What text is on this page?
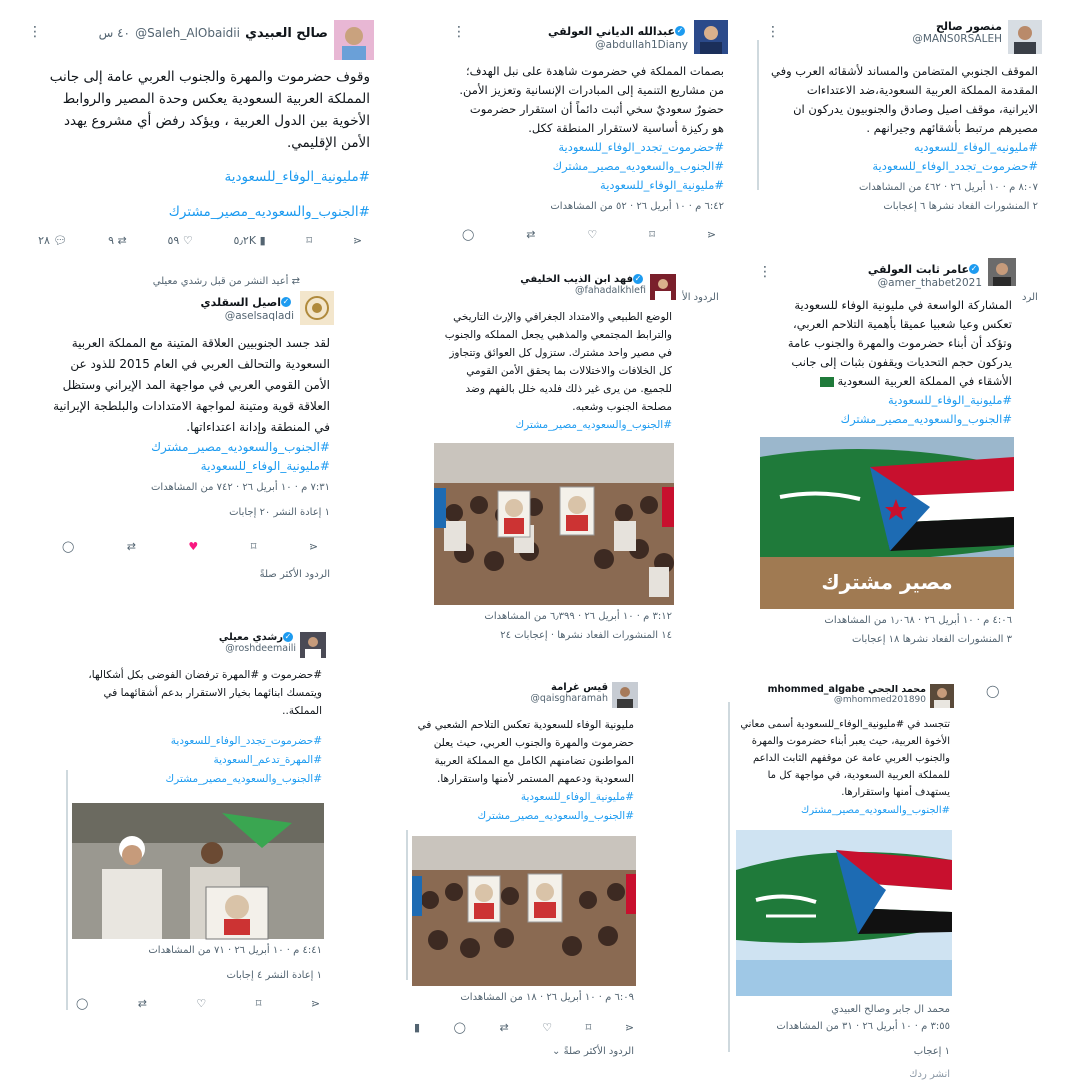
صالح العبيدي @Saleh_AlObaidii ٤٠ س
⋮
وقوف حضرموت والمهرة والجنوب العربي عامة إلى جانب المملكة العربية السعودية يعكس وحدة المصير والروابط الأخوية بين الدول العربية ، ويؤكد رفض أي مشروع يهدد الأمن الإقليمي.
#مليونية_الوفاء_للسعودية
#الجنوب_والسعوديه_مصير_مشترك
💬︎ ٢٨	⇄ ٩	♡ ٥٩	▮ ٥٫٢K	⌑	⋖
✓عبدالله الدياني العولقي
@abdullah1Diany
⋮
بصمات المملكة في حضرموت شاهدة على نبل الهدف؛ من مشاريع التنمية إلى المبادرات الإنسانية وتعزيز الأمن. حضورٌ سعوديٌ سخي أثبت دائماً أن استقرار حضرموت هو ركيزة أساسية لاستقرار المنطقة ككل.
#حضرموت_تجدد_الوفاء_للسعودية
#الجنوب_والسعوديه_مصير_مشترك
#مليونية_الوفاء_للسعودية
٦:٤٢ م · ١٠ أبريل ٢٦ · ٥٢ من المشاهدات
◯	⇄	♡	⌑	⋖
منصور صالح
@MANS0RSALEH
⋮
الموقف الجنوبي المتضامن والمساند لأشقائه العرب وفي المقدمة المملكة العربية السعودية،ضد الاعتداءات الايرانية، موقف اصيل وصادق والجنوبيون يدركون ان مصيرهم مرتبط بأشقائهم وجيرانهم .
#مليونيه_الوفاء_للسعوديه
#حضرموت_تجدد_الوفاء_للسعودية
٨:٠٧ م · ١٠ أبريل ٢٦ · ٤٦٢ من المشاهدات
٢ المنشورات الفعاد نشرها ٦ إعجابات
⇄ أعيد النشر من قبل رشدي معيلي
✓اصيل السقلدي
@aselsaqladi
لقد جسد الجنوبيين العلاقة المتينة مع المملكة العربية السعودية والتحالف العربي في العام 2015 للذود عن الأمن القومي العربي في مواجهة المد الإيراني وستظل العلاقة قوية ومتينة لمواجهة الامتدادات والبلطجة الإيرانية في المنطقة وإدانة اعتداءاتها.
#الجنوب_والسعوديه_مصير_مشترك
#مليونية_الوفاء_للسعودية
٧:٣١ م · ١٠ أبريل ٢٦ · ٧٤٢ من المشاهدات
١ إعادة النشر ٢٠ إجابات
◯	⇄	♥	⌑	⋖
الردود الأكثر صلةً
الردود الأ
✓فهد ابن الذيب الخليفي
@fahadalkhlefi
الوضع الطبيعي والامتداد الجغرافي والإرث التاريخي والترابط المجتمعي والمذهبي يجعل المملكه والجنوب في مصير واحد مشترك. ستزول كل العوائق وتتجاوز كل الخلافات والاختلالات بما يحقق الأمن القومي للجميع. من يرى غير ذلك فلديه خلل بالفهم وضد مصلحة الجنوب وشعبه.
#الجنوب_والسعوديه_مصير_مشترك
٣:١٢ م · ١٠ أبريل ٢٦ · ٦٫٣٩٩ من المشاهدات
١٤ المنشورات الفعاد نشرها · إعجابات ٢٤
الرد
⋮	✓عامر ثابت العولقي
@amer_thabet2021
المشاركة الواسعة في مليونية الوفاء للسعودية تعكس وعيا شعبيا عميقا بأهمية التلاحم العربي، وتؤكد أن أبناء حضرموت والمهرة والجنوب عامة يدركون حجم التحديات ويقفون بثبات إلى جانب الأشقاء في المملكة العربية السعودية
#مليونية_الوفاء_للسعودية
#الجنوب_والسعوديه_مصير_مشترك
مصير مشترك
٤:٠٦ م · ١٠ أبريل ٢٦ · ١٫٠٦٨ من المشاهدات
٣ المنشورات الفعاد نشرها ١٨ إعجابات
✓رشدي معيلي
@roshdeemaili
#حضرموت و #المهرة ترفضان الفوضى بكل أشكالها، ويتمسك ابنائهما بخيار الاستقرار بدعم أشقائهما في المملكة..
#حضرموت_تجدد_الوفاء_للسعودية
#المهرة_تدعم_السعودية
#الجنوب_والسعوديه_مصير_مشترك
٤:٤١ م · ١٠ أبريل ٢٦ · ٧١ من المشاهدات
١ إعادة النشر ٤ إجابات
◯	⇄	♡	⌑	⋖
قيس غرامة
@qaisgharamah
مليونية الوفاء للسعودية تعكس التلاحم الشعبي في حضرموت والمهرة والجنوب العربي، حيث يعلن المواطنون تضامنهم الكامل مع المملكة العربية السعودية ودعمهم المستمر لأمنها واستقرارها.
#مليونية_الوفاء_للسعودية
#الجنوب_والسعوديه_مصير_مشترك
٦:٠٩ م · ١٠ أبريل ٢٦ · ١٨ من المشاهدات
▮	◯	⇄	♡	⌑	⋖
الردود الأكثر صلةً ⌄
محمد الجحي mhommed_algabe
@mhommed201890
تتجسد في #مليونية_الوفاء_للسعودية أسمى معاني الأخوة العربية، حيث يعبر أبناء حضرموت والمهرة والجنوب العربي عامة عن موقفهم الثابت الداعم للمملكة العربية السعودية، في مواجهة كل ما يستهدف أمنها واستقرارها.
#الجنوب_والسعوديه_مصير_مشترك
محمد ال جابر وصالح العبيدي
٣:٥٥ م · ١٠ أبريل ٢٦ · ٣١ من المشاهدات
١ إعجاب
انشر ردك
◯
